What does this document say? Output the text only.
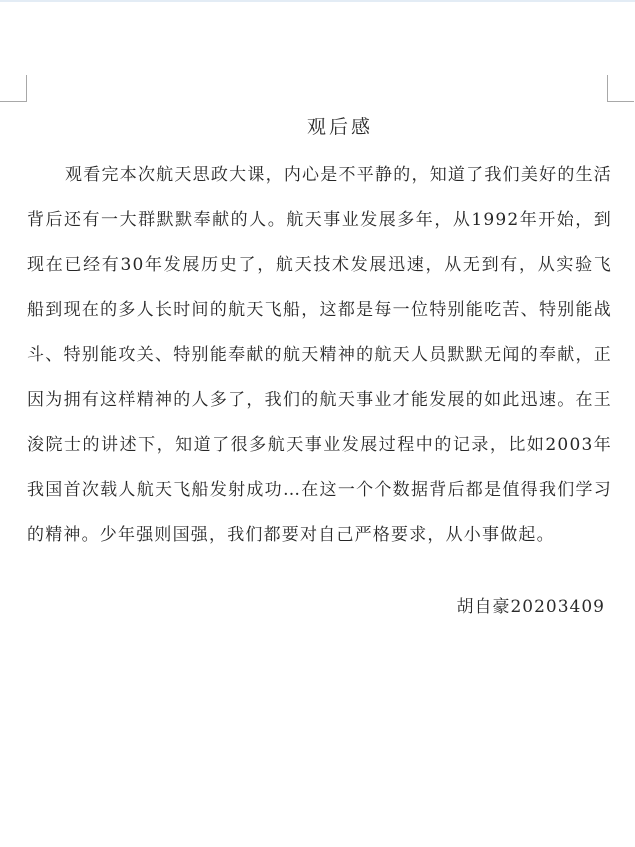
观后感
观看完本次航天思政大课，内心是不平静的，知道了我们美好的生活背后还有一大群默默奉献的人。航天事业发展多年，从1992年开始，到现在已经有30年发展历史了，航天技术发展迅速，从无到有，从实验飞船到现在的多人长时间的航天飞船，这都是每一位特别能吃苦、特别能战斗、特别能攻关、特别能奉献的航天精神的航天人员默默无闻的奉献，正因为拥有这样精神的人多了，我们的航天事业才能发展的如此迅速。在王浚院士的讲述下，知道了很多航天事业发展过程中的记录，比如2003年我国首次载人航天飞船发射成功…在这一个个数据背后都是值得我们学习的精神。少年强则国强，我们都要对自己严格要求，从小事做起。
胡自豪20203409
